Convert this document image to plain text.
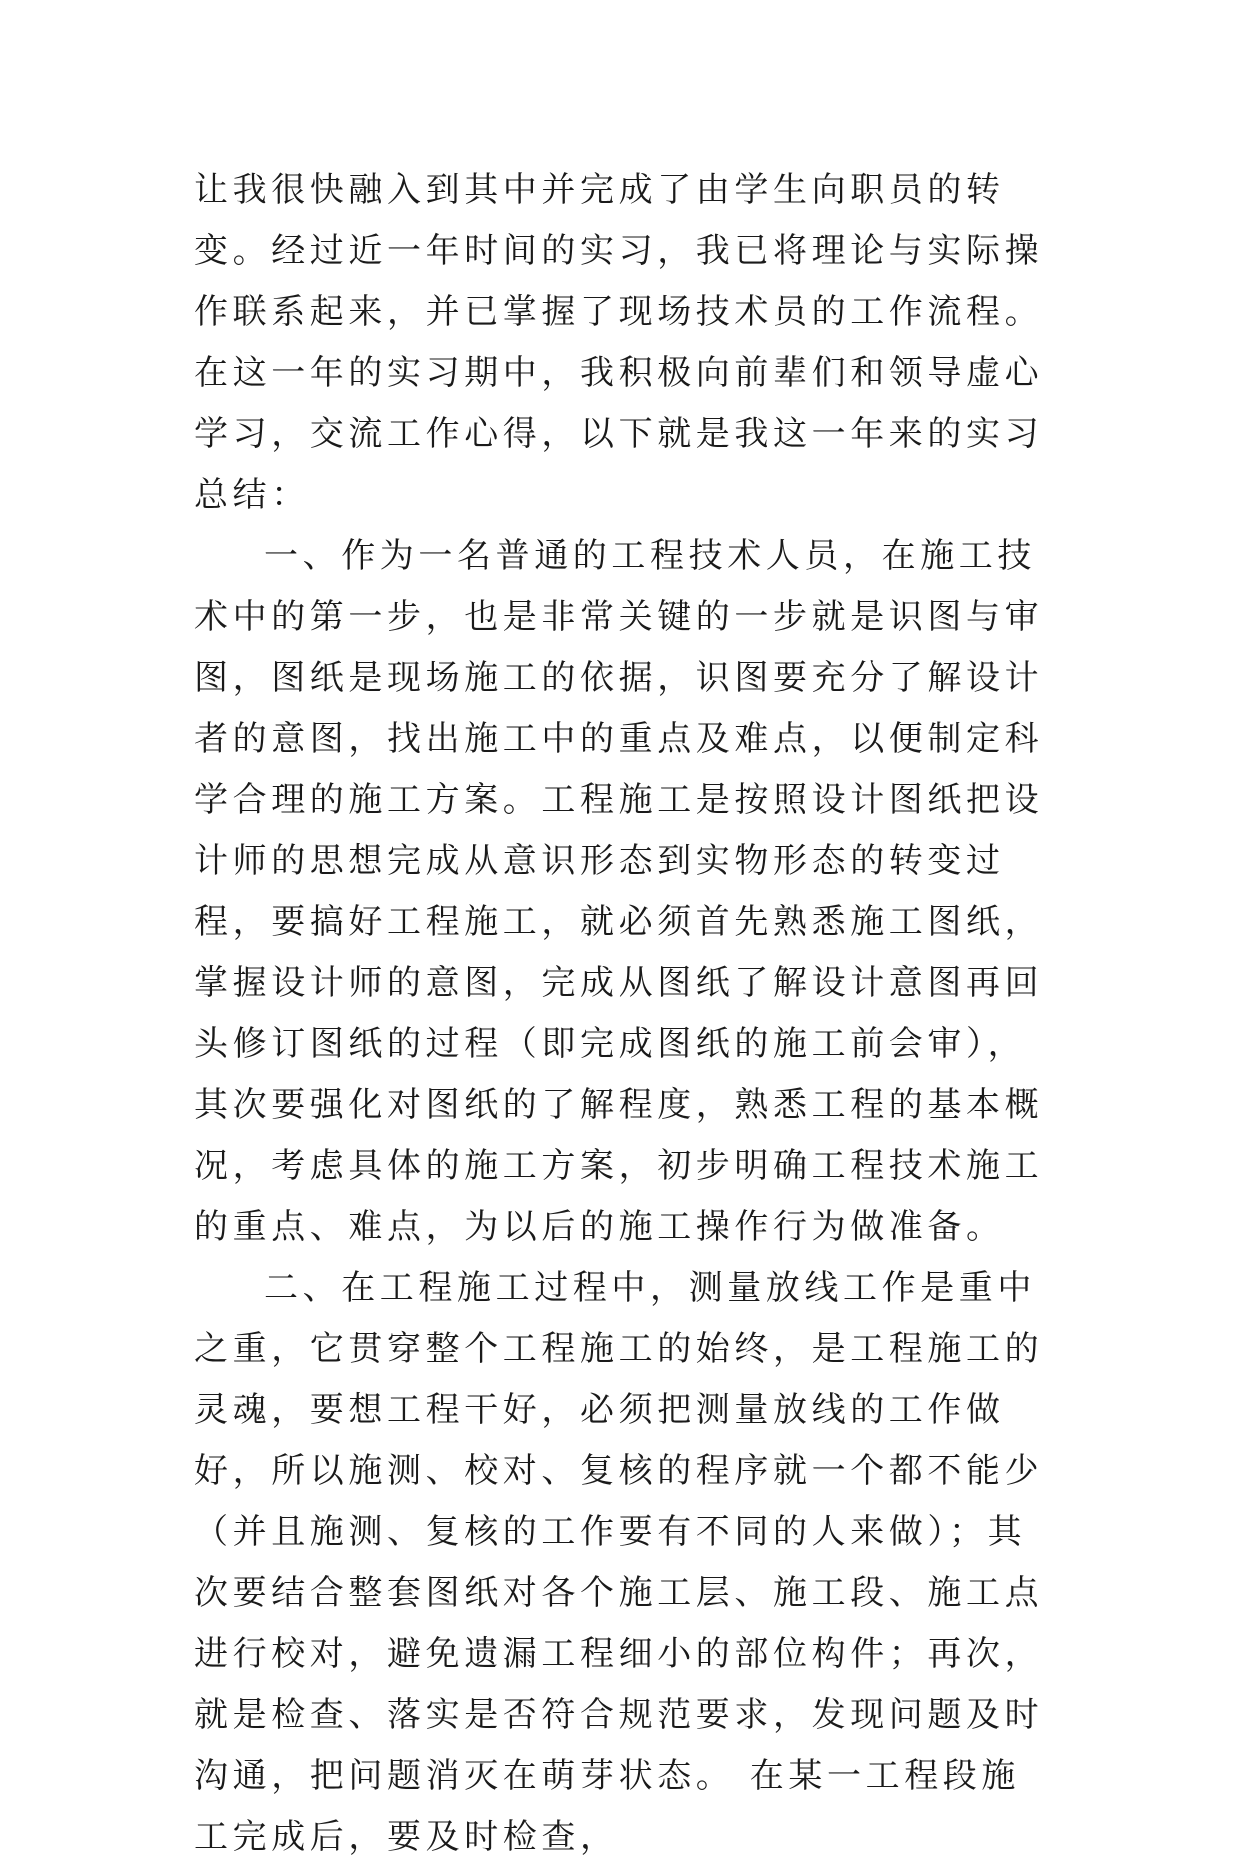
让我很快融入到其中并完成了由学生向职员的转变。经过近一年时间的实习，我已将理论与实际操作联系起来，并已掌握了现场技术员的工作流程。在这一年的实习期中，我积极向前辈们和领导虚心学习，交流工作心得，以下就是我这一年来的实习总结：

一、作为一名普通的工程技术人员，在施工技术中的第一步，也是非常关键的一步就是识图与审图，图纸是现场施工的依据，识图要充分了解设计者的意图，找出施工中的重点及难点，以便制定科学合理的施工方案。工程施工是按照设计图纸把设计师的思想完成从意识形态到实物形态的转变过程，要搞好工程施工，就必须首先熟悉施工图纸，掌握设计师的意图，完成从图纸了解设计意图再回头修订图纸的过程（即完成图纸的施工前会审），其次要强化对图纸的了解程度，熟悉工程的基本概况，考虑具体的施工方案，初步明确工程技术施工的重点、难点，为以后的施工操作行为做准备。

二、在工程施工过程中，测量放线工作是重中之重，它贯穿整个工程施工的始终，是工程施工的灵魂，要想工程干好，必须把测量放线的工作做好，所以施测、校对、复核的程序就一个都不能少（并且施测、复核的工作要有不同的人来做）；其次要结合整套图纸对各个施工层、施工段、施工点进行校对，避免遗漏工程细小的部位构件；再次，就是检查、落实是否符合规范要求，发现问题及时沟通，把问题消灭在萌芽状态。 在某一工程段施工完成后，要及时检查，
